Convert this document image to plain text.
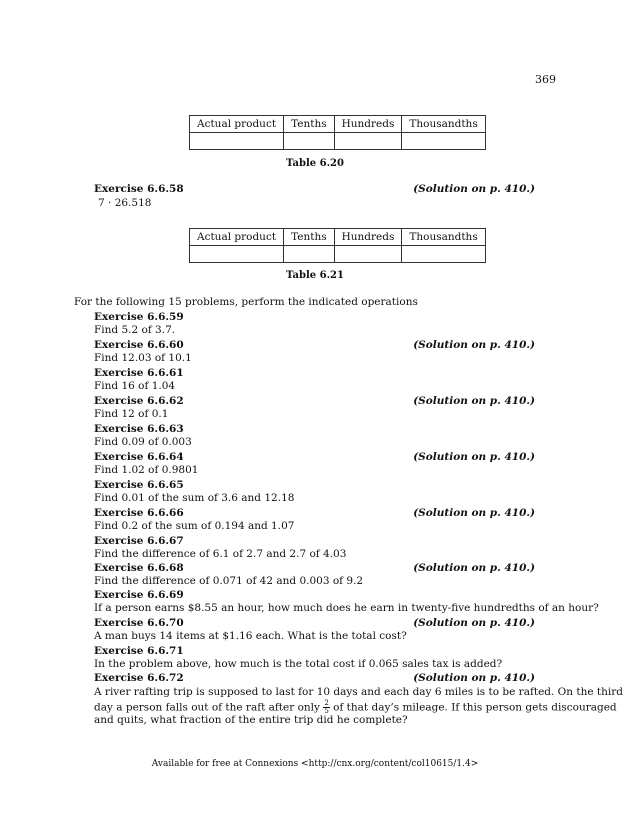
369
Actual product	Tenths	Hundreds	Thousandths

Table 6.20
Exercise 6.6.58	(Solution on p. 410.)
7 · 26.518
Actual product	Tenths	Hundreds	Thousandths

Table 6.21
For the following 15 problems, perform the indicated operations
Exercise 6.6.59
Find 5.2 of 3.7.
Exercise 6.6.60	(Solution on p. 410.)
Find 12.03 of 10.1
Exercise 6.6.61
Find 16 of 1.04
Exercise 6.6.62	(Solution on p. 410.)
Find 12 of 0.1
Exercise 6.6.63
Find 0.09 of 0.003
Exercise 6.6.64	(Solution on p. 410.)
Find 1.02 of 0.9801
Exercise 6.6.65
Find 0.01 of the sum of 3.6 and 12.18
Exercise 6.6.66	(Solution on p. 410.)
Find 0.2 of the sum of 0.194 and 1.07
Exercise 6.6.67
Find the difference of 6.1 of 2.7 and 2.7 of 4.03
Exercise 6.6.68	(Solution on p. 410.)
Find the difference of 0.071 of 42 and 0.003 of 9.2
Exercise 6.6.69
If a person earns $8.55 an hour, how much does he earn in twenty-five hundredths of an hour?
Exercise 6.6.70	(Solution on p. 410.)
A man buys 14 items at $1.16 each. What is the total cost?
Exercise 6.6.71
In the problem above, how much is the total cost if 0.065 sales tax is added?
Exercise 6.6.72	(Solution on p. 410.)
A river rafting trip is supposed to last for 10 days and each day 6 miles is to be rafted. On the third
day a person falls out of the raft after only $\frac{2}{5}$ of that day’s mileage. If this person gets discouraged
and quits, what fraction of the entire trip did he complete?
Available for free at Connexions <http://cnx.org/content/col10615/1.4>
